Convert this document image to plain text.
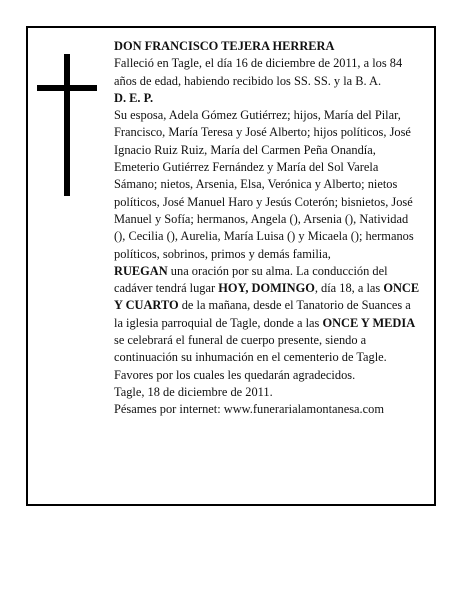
DON FRANCISCO TEJERA HERRERA

Falleció en Tagle, el día 16 de diciembre de 2011, a los 84 años de edad, habiendo recibido los SS. SS. y la B. A.

D. E. P.

Su esposa, Adela Gómez Gutiérrez; hijos, María del Pilar, Francisco, María Teresa y José Alberto; hijos políticos, José Ignacio Ruiz Ruiz, María del Carmen Peña Onandía, Emeterio Gutiérrez Fernández y María del Sol Varela Sámano; nietos, Arsenia, Elsa, Verónica y Alberto; nietos políticos, José Manuel Haro y Jesús Coterón; bisnietos, José Manuel y Sofía; hermanos, Angela (), Arsenia (), Natividad (), Cecilia (), Aurelia, María Luisa () y Micaela (); hermanos políticos, sobrinos, primos y demás familia,

RUEGAN una oración por su alma. La conducción del cadáver tendrá lugar HOY, DOMINGO, día 18, a las ONCE Y CUARTO de la mañana, desde el Tanatorio de Suances a la iglesia parroquial de Tagle, donde a las ONCE Y MEDIA se celebrará el funeral de cuerpo presente, siendo a continuación su inhumación en el cementerio de Tagle. Favores por los cuales les quedarán agradecidos.

Tagle, 18 de diciembre de 2011.

Pésames por internet: www.funerarialamontanesa.com
